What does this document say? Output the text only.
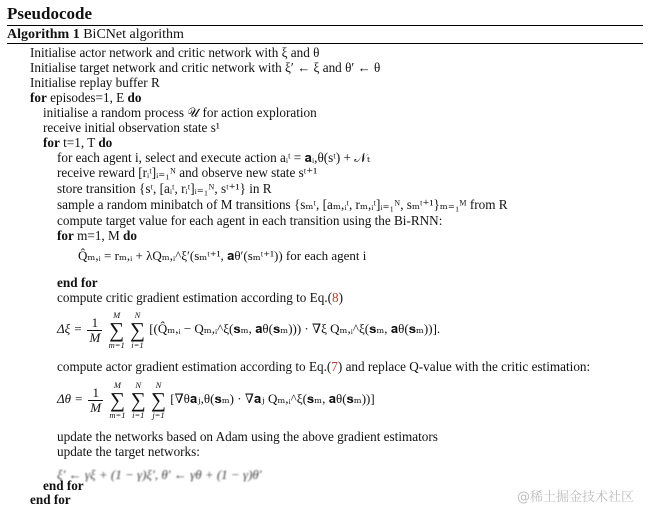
Pseudocode
Algorithm 1 BiCNet algorithm
Initialise actor network and critic network with ξ and θ
Initialise target network and critic network with ξ′ ← ξ and θ′ ← θ
Initialise replay buffer R
for episodes=1, E do
initialise a random process 𝒰 for action exploration
receive initial observation state s¹
for t=1, T do
for each agent i, select and execute action aᵢᵗ = 𝐚ᵢ,θ(sᵗ) + 𝒩ₜ
receive reward [rᵢᵗ]ᵢ₌₁ᴺ and observe new state sᵗ⁺¹
store transition {sᵗ, [aᵢᵗ, rᵢᵗ]ᵢ₌₁ᴺ, sᵗ⁺¹} in R
sample a random minibatch of M transitions {sₘᵗ, [aₘ,ᵢᵗ, rₘ,ᵢᵗ]ᵢ₌₁ᴺ, sₘᵗ⁺¹}ₘ₌₁ᴹ from R
compute target value for each agent in each transition using the Bi-RNN:
for m=1, M do
Q̂ₘ,ᵢ = rₘ,ᵢ + λQₘ,ᵢ^ξ′(sₘᵗ⁺¹, 𝐚θ′(sₘᵗ⁺¹)) for each agent i
end for
compute critic gradient estimation according to Eq.(8)
$\Delta\xi = \frac{1}{M}$

M
∑
m=1

N
∑
i=1
[(Q̂ₘ,ᵢ − Qₘ,ᵢ^ξ(𝐬ₘ, 𝐚θ(𝐬ₘ))) · ∇ξ Qₘ,ᵢ^ξ(𝐬ₘ, 𝐚θ(𝐬ₘ))].
compute actor gradient estimation according to Eq.(7) and replace Q-value with the critic estimation:
$\Delta\theta = \frac{1}{M}$

M
∑
m=1

N
∑
i=1

N
∑
j=1
[∇θ𝐚ⱼ,θ(𝐬ₘ) · ∇𝐚ⱼ Qₘ,ᵢ^ξ(𝐬ₘ, 𝐚θ(𝐬ₘ))]
update the networks based on Adam using the above gradient estimators
update the target networks:
ξ′ ← γξ + (1 − γ)ξ′, θ′ ← γθ + (1 − γ)θ′
end for
end for	@稀土掘金技术社区
